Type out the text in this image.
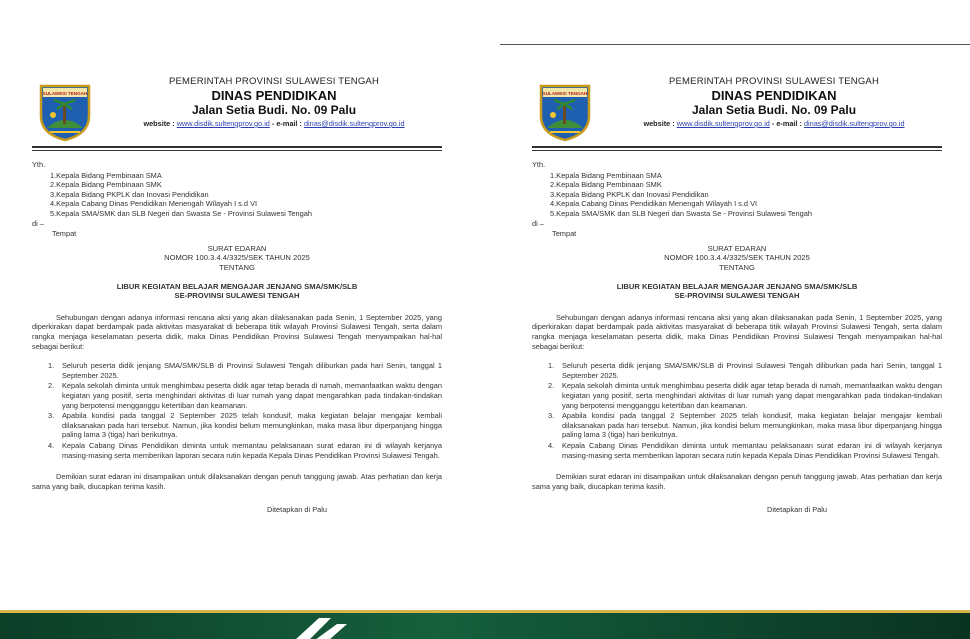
SULAWESI TENGAH
PEMERINTAH PROVINSI SULAWESI TENGAH
DINAS PENDIDIKAN
Jalan Setia Budi. No. 09 Palu
website : www.disdik.sultengprov.go.id - e-mail : dinas@disdik.sultengprov.go.id
Yth.
1.Kepala Bidang Pembinaan SMA
2.Kepala Bidang Pembinaan SMK
3.Kepala Bidang PKPLK dan Inovasi Pendidikan
4.Kepala Cabang Dinas Pendidikan Menengah Wilayah I s.d VI
5.Kepala SMA/SMK dan SLB Negeri dan Swasta Se - Provinsi Sulawesi Tengah
di –
Tempat
SURAT EDARAN
NOMOR 100.3.4.4/3325/SEK TAHUN 2025
TENTANG
LIBUR KEGIATAN BELAJAR MENGAJAR JENJANG SMA/SMK/SLB
SE-PROVINSI SULAWESI TENGAH

Sehubungan dengan adanya informasi rencana aksi yang akan dilaksanakan pada Senin, 1 September 2025, yang diperkirakan dapat berdampak pada aktivitas masyarakat di beberapa titik wilayah Provinsi Sulawesi Tengah, serta dalam rangka menjaga keselamatan peserta didik, maka Dinas Pendidikan Provinsi Sulawesi Tengah menyampaikan hal-hal sebagai berikut:

1. Seluruh peserta didik jenjang SMA/SMK/SLB di Provinsi Sulawesi Tengah diliburkan pada hari Senin, tanggal 1 September 2025.
2. Kepala sekolah diminta untuk menghimbau peserta didik agar tetap berada di rumah, memanfaatkan waktu dengan kegiatan yang positif, serta menghindari aktivitas di luar rumah yang dapat mengarahkan pada tindakan-tindakan yang berpotensi mengganggu ketertiban dan keamanan.
3. Apabila kondisi pada tanggal 2 September 2025 telah kondusif, maka kegiatan belajar mengajar kembali dilaksanakan pada hari tersebut. Namun, jika kondisi belum memungkinkan, maka masa libur diperpanjang hingga paling lama 3 (tiga) hari berikutnya.
4. Kepala Cabang Dinas Pendidikan diminta untuk memantau pelaksanaan surat edaran ini di wilayah kerjanya masing-masing serta memberikan laporan secara rutin kepada Kepala Dinas Pendidikan Provinsi Sulawesi Tengah.

Demikian surat edaran ini disampaikan untuk dilaksanakan dengan penuh tanggung jawab. Atas perhatian dan kerja sama yang baik, diucapkan terima kasih.

Ditetapkan di Palu
SULAWESI TENGAH
PEMERINTAH PROVINSI SULAWESI TENGAH
DINAS PENDIDIKAN
Jalan Setia Budi. No. 09 Palu
website : www.disdik.sultengprov.go.id - e-mail : dinas@disdik.sultengprov.go.id
Yth.
1.Kepala Bidang Pembinaan SMA
2.Kepala Bidang Pembinaan SMK
3.Kepala Bidang PKPLK dan Inovasi Pendidikan
4.Kepala Cabang Dinas Pendidikan Menengah Wilayah I s.d VI
5.Kepala SMA/SMK dan SLB Negeri dan Swasta Se - Provinsi Sulawesi Tengah
di –
Tempat
SURAT EDARAN
NOMOR 100.3.4.4/3325/SEK TAHUN 2025
TENTANG
LIBUR KEGIATAN BELAJAR MENGAJAR JENJANG SMA/SMK/SLB
SE-PROVINSI SULAWESI TENGAH

Sehubungan dengan adanya informasi rencana aksi yang akan dilaksanakan pada Senin, 1 September 2025, yang diperkirakan dapat berdampak pada aktivitas masyarakat di beberapa titik wilayah Provinsi Sulawesi Tengah, serta dalam rangka menjaga keselamatan peserta didik, maka Dinas Pendidikan Provinsi Sulawesi Tengah menyampaikan hal-hal sebagai berikut:

1. Seluruh peserta didik jenjang SMA/SMK/SLB di Provinsi Sulawesi Tengah diliburkan pada hari Senin, tanggal 1 September 2025.
2. Kepala sekolah diminta untuk menghimbau peserta didik agar tetap berada di rumah, memanfaatkan waktu dengan kegiatan yang positif, serta menghindari aktivitas di luar rumah yang dapat mengarahkan pada tindakan-tindakan yang berpotensi mengganggu ketertiban dan keamanan.
3. Apabila kondisi pada tanggal 2 September 2025 telah kondusif, maka kegiatan belajar mengajar kembali dilaksanakan pada hari tersebut. Namun, jika kondisi belum memungkinkan, maka masa libur diperpanjang hingga paling lama 3 (tiga) hari berikutnya.
4. Kepala Cabang Dinas Pendidikan diminta untuk memantau pelaksanaan surat edaran ini di wilayah kerjanya masing-masing serta memberikan laporan secara rutin kepada Kepala Dinas Pendidikan Provinsi Sulawesi Tengah.

Demikian surat edaran ini disampaikan untuk dilaksanakan dengan penuh tanggung jawab. Atas perhatian dan kerja sama yang baik, diucapkan terima kasih.

Ditetapkan di Palu
